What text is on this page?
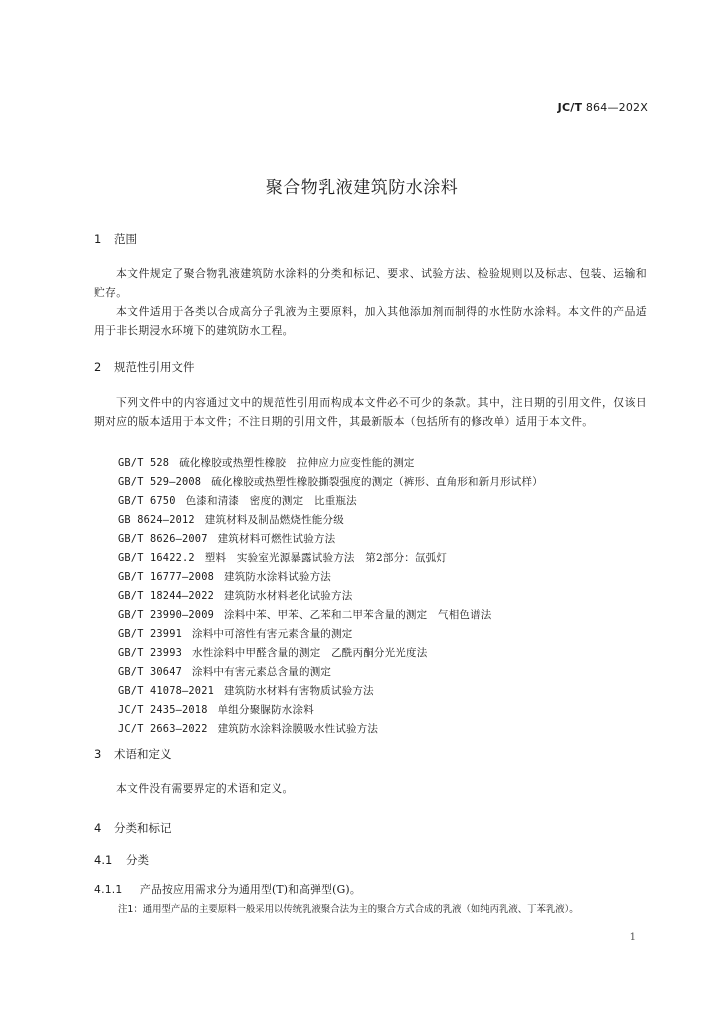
JC/T 864—202X
聚合物乳液建筑防水涂料
1 范围

本文件规定了聚合物乳液建筑防水涂料的分类和标记、要求、试验方法、检验规则以及标志、包装、运输和贮存。

本文件适用于各类以合成高分子乳液为主要原料，加入其他添加剂而制得的水性防水涂料。本文件的产品适用于非长期浸水环境下的建筑防水工程。

2 规范性引用文件

下列文件中的内容通过文中的规范性引用而构成本文件必不可少的条款。其中，注日期的引用文件，仅该日期对应的版本适用于本文件；不注日期的引用文件，其最新版本（包括所有的修改单）适用于本文件。

GB/T 528 硫化橡胶或热塑性橡胶　拉伸应力应变性能的测定
GB/T 529—2008 硫化橡胶或热塑性橡胶撕裂强度的测定（裤形、直角形和新月形试样）
GB/T 6750 色漆和清漆　密度的测定　比重瓶法
GB 8624—2012 建筑材料及制品燃烧性能分级
GB/T 8626—2007 建筑材料可燃性试验方法
GB/T 16422.2 塑料　实验室光源暴露试验方法　第2部分：氙弧灯
GB/T 16777—2008 建筑防水涂料试验方法
GB/T 18244—2022 建筑防水材料老化试验方法
GB/T 23990—2009 涂料中苯、甲苯、乙苯和二甲苯含量的测定　气相色谱法
GB/T 23991 涂料中可溶性有害元素含量的测定
GB/T 23993 水性涂料中甲醛含量的测定　乙酰丙酮分光光度法
GB/T 30647 涂料中有害元素总含量的测定
GB/T 41078—2021 建筑防水材料有害物质试验方法
JC/T 2435—2018 单组分聚脲防水涂料
JC/T 2663—2022 建筑防水涂料涂膜吸水性试验方法
3 术语和定义

本文件没有需要界定的术语和定义。

4 分类和标记
4.1 分类
4.1.1 产品按应用需求分为通用型(T)和高弹型(G)。
注1：通用型产品的主要原料一般采用以传统乳液聚合法为主的聚合方式合成的乳液（如纯丙乳液、丁苯乳液）。
1
